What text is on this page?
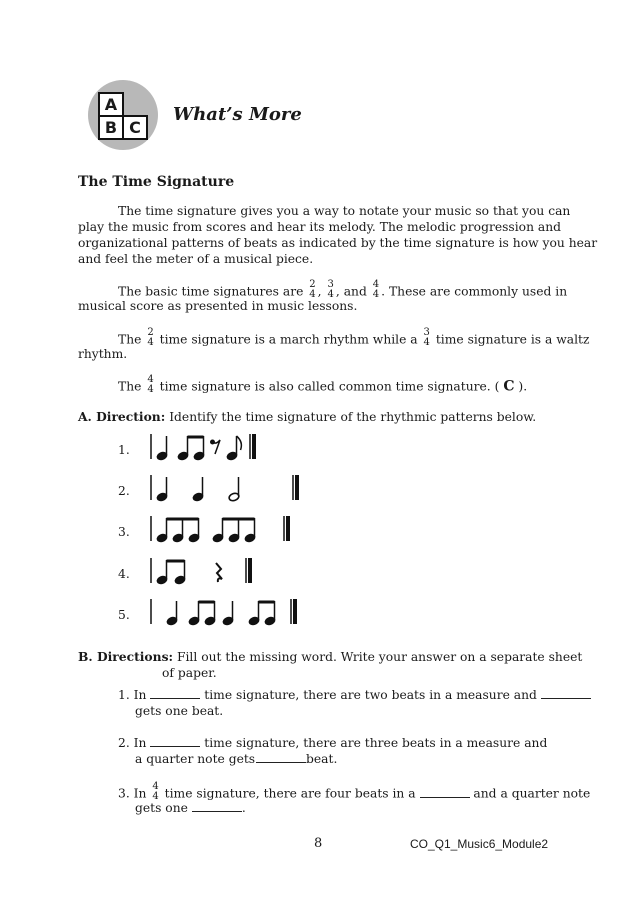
A
B C
What’s More
The Time Signature
The time signature gives you a way to notate your music so that you can
play the music from scores and hear its melody. The melodic progression and
organizational patterns of beats as indicated by the time signature is how you hear
and feel the meter of a musical piece.
The basic time signatures are 2
4 , 3
4 , and 4
4 . These are commonly used in
musical score as presented in music lessons.
The 2
4 time signature is a march rhythm while a 3
4 time signature is a waltz
rhythm.
The 4
4 time signature is also called common time signature. ( C ).
A. Direction: Identify the time signature of the rhythmic patterns below.
1.
2.
3.
4.
5.
B. Directions: Fill out the missing word. Write your answer on a separate sheet
of paper.
1. In	time signature, there are two beats in a measure and
gets one beat.
2. In	time signature, there are three beats in a measure and
a quarter note gets	beat.
3. In 4
4 time signature, there are four beats in a	and a quarter note
gets one	.
8	CO_Q1_Music6_Module2
